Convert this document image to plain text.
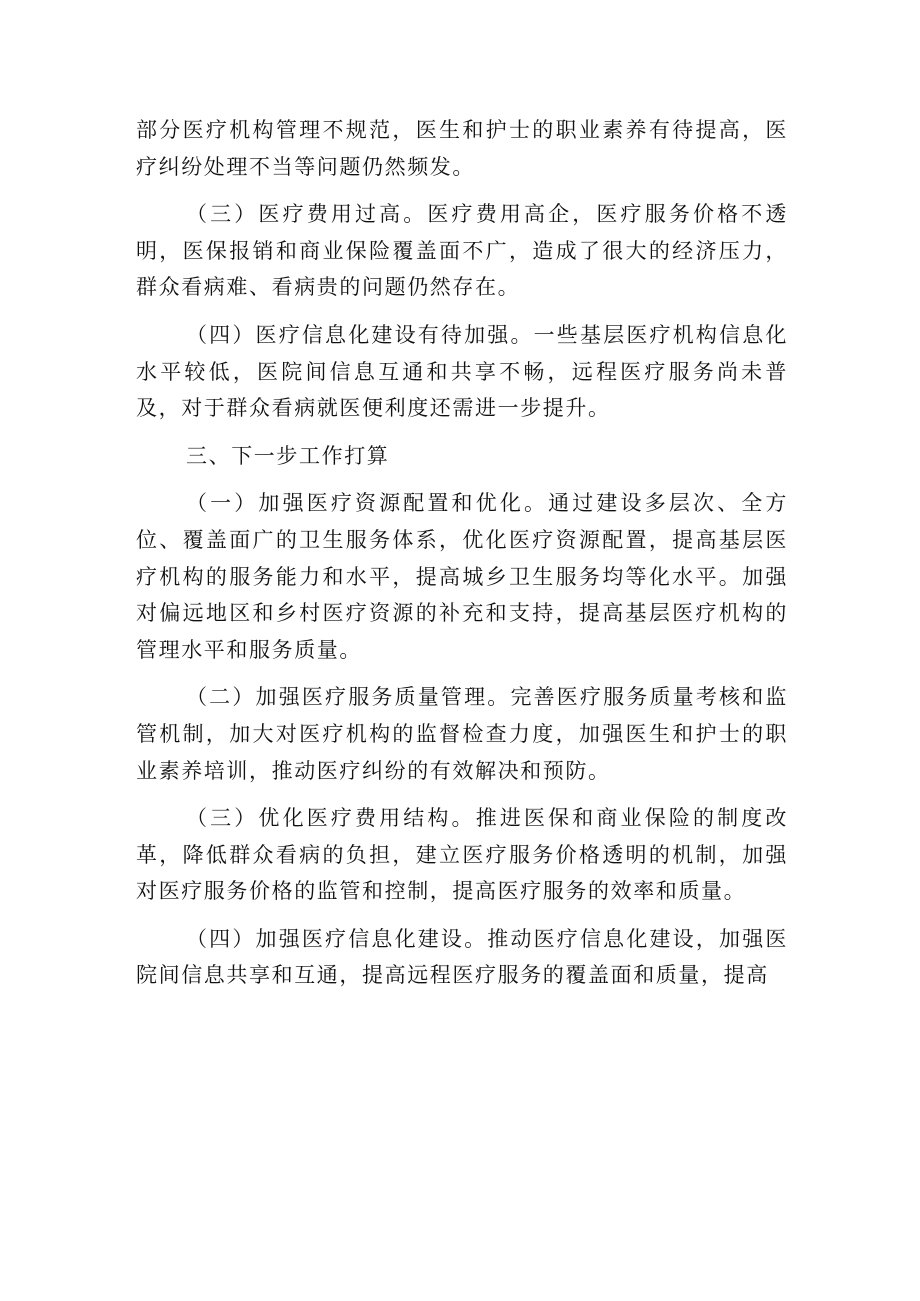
部分医疗机构管理不规范，医生和护士的职业素养有待提高，医疗纠纷处理不当等问题仍然频发。

（三）医疗费用过高。医疗费用高企，医疗服务价格不透明，医保报销和商业保险覆盖面不广，造成了很大的经济压力，群众看病难、看病贵的问题仍然存在。

（四）医疗信息化建设有待加强。一些基层医疗机构信息化水平较低，医院间信息互通和共享不畅，远程医疗服务尚未普及，对于群众看病就医便利度还需进一步提升。

三、下一步工作打算

（一）加强医疗资源配置和优化。通过建设多层次、全方位、覆盖面广的卫生服务体系，优化医疗资源配置，提高基层医疗机构的服务能力和水平，提高城乡卫生服务均等化水平。加强对偏远地区和乡村医疗资源的补充和支持，提高基层医疗机构的管理水平和服务质量。

（二）加强医疗服务质量管理。完善医疗服务质量考核和监管机制，加大对医疗机构的监督检查力度，加强医生和护士的职业素养培训，推动医疗纠纷的有效解决和预防。

（三）优化医疗费用结构。推进医保和商业保险的制度改革，降低群众看病的负担，建立医疗服务价格透明的机制，加强对医疗服务价格的监管和控制，提高医疗服务的效率和质量。

（四）加强医疗信息化建设。推动医疗信息化建设，加强医院间信息共享和互通，提高远程医疗服务的覆盖面和质量，提高
